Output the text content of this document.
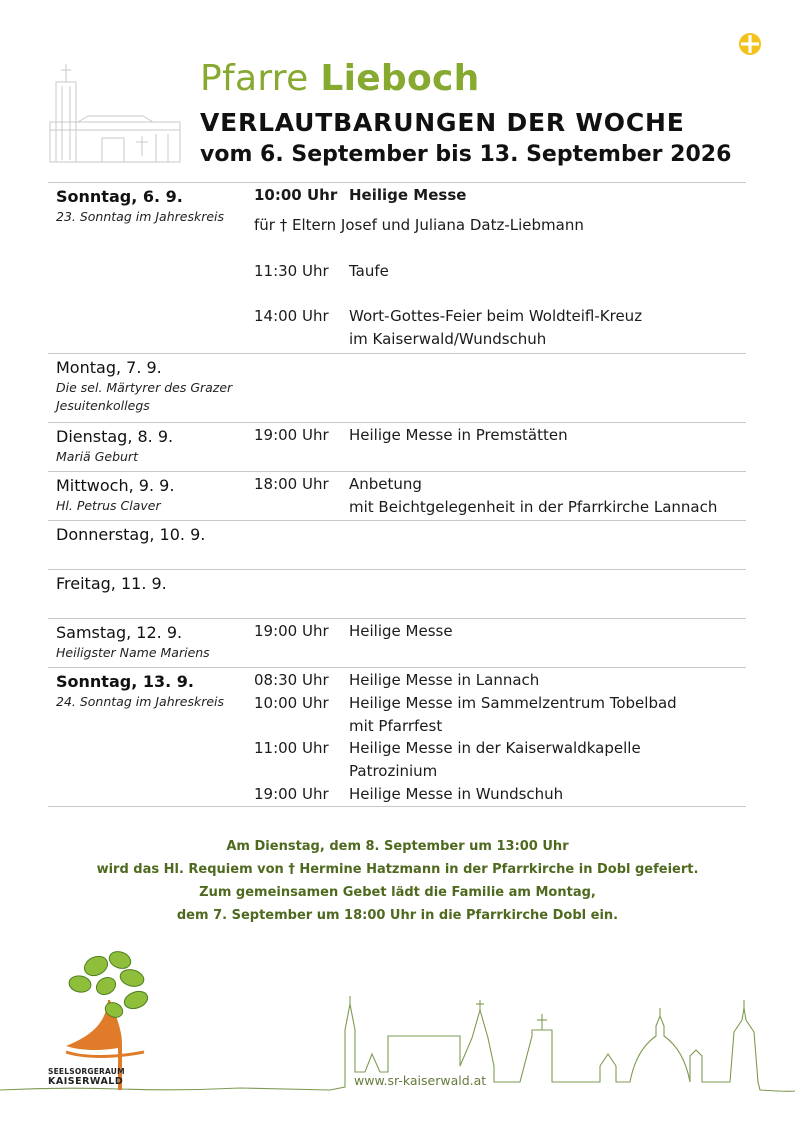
Pfarre Lieboch
VERLAUTBARUNGEN DER WOCHE
vom 6. September bis 13. September 2026
Sonntag, 6. 9.
23. Sonntag im Jahreskreis
10:00 Uhr Heilige Messe
für † Eltern Josef und Juliana Datz-Liebmann
11:30 Uhr Taufe
14:00 Uhr Wort-Gottes-Feier beim Woldteifl-Kreuz
im Kaiserwald/Wundschuh
Montag, 7. 9.
Die sel. Märtyrer des Grazer
Jesuitenkollegs
Dienstag, 8. 9.
Mariä Geburt
19:00 Uhr Heilige Messe in Premstätten
Mittwoch, 9. 9.
Hl. Petrus Claver
18:00 Uhr Anbetung
mit Beichtgelegenheit in der Pfarrkirche Lannach
Donnerstag, 10. 9.
Freitag, 11. 9.
Samstag, 12. 9.
Heiligster Name Mariens
19:00 Uhr Heilige Messe
Sonntag, 13. 9.
24. Sonntag im Jahreskreis
08:30 Uhr Heilige Messe in Lannach
10:00 Uhr Heilige Messe im Sammelzentrum Tobelbad
mit Pfarrfest
11:00 Uhr Heilige Messe in der Kaiserwaldkapelle
Patrozinium
19:00 Uhr Heilige Messe in Wundschuh
Am Dienstag, dem 8. September um 13:00 Uhr
wird das Hl. Requiem von † Hermine Hatzmann in der Pfarrkirche in Dobl gefeiert.
Zum gemeinsamen Gebet lädt die Familie am Montag,
dem 7. September um 18:00 Uhr in die Pfarrkirche Dobl ein.
SEELSORGERAUM
KAISERWALD	www.sr-kaiserwald.at
